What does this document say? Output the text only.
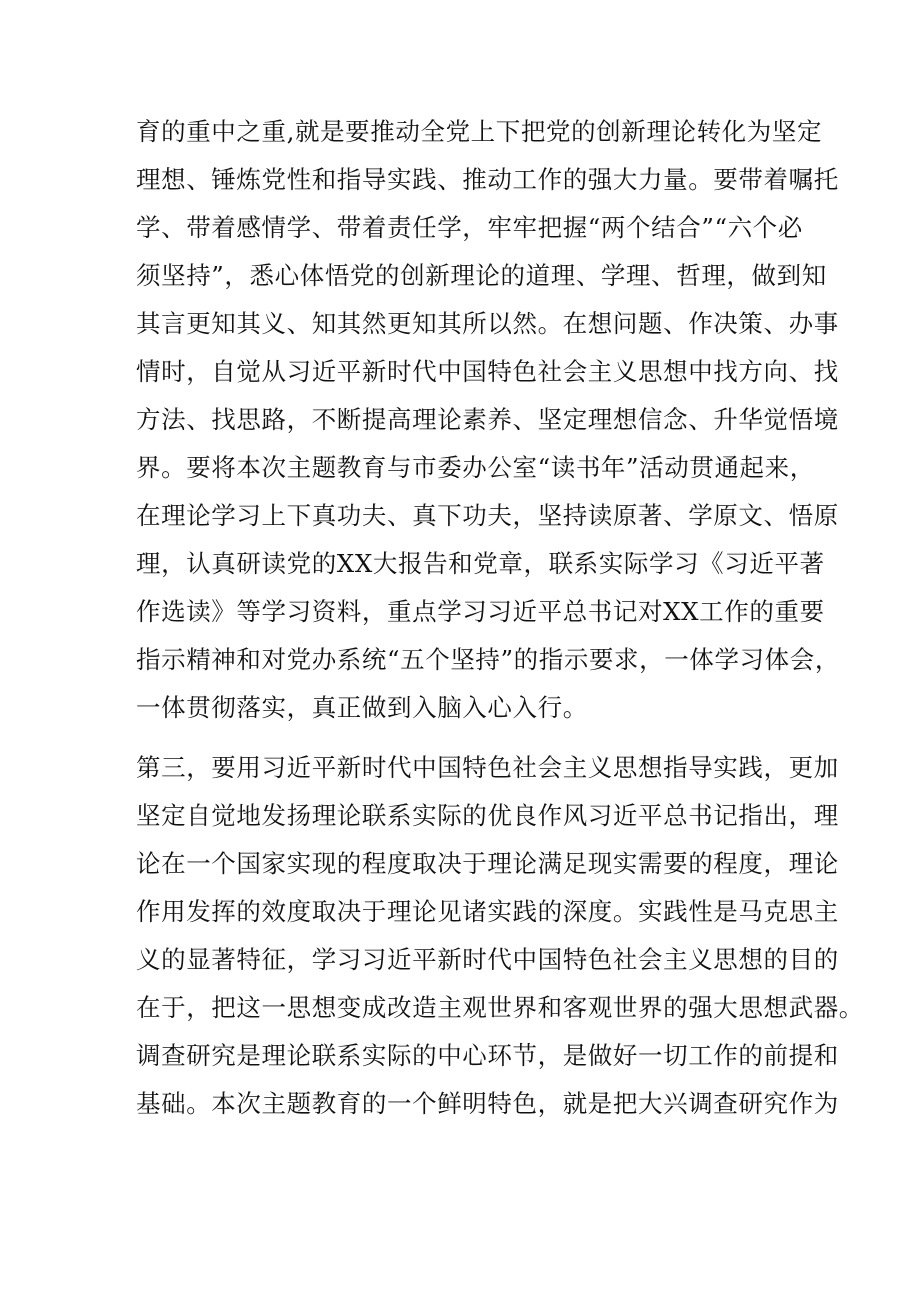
育的重中之重,就是要推动全党上下把党的创新理论转化为坚定
理想、锤炼党性和指导实践、推动工作的强大力量。要带着嘱托
学、带着感情学、带着责任学，牢牢把握“两个结合”“六个必
须坚持”，悉心体悟党的创新理论的道理、学理、哲理，做到知
其言更知其义、知其然更知其所以然。在想问题、作决策、办事
情时，自觉从习近平新时代中国特色社会主义思想中找方向、找
方法、找思路，不断提高理论素养、坚定理想信念、升华觉悟境
界。要将本次主题教育与市委办公室“读书年”活动贯通起来，
在理论学习上下真功夫、真下功夫，坚持读原著、学原文、悟原
理，认真研读党的XX大报告和党章，联系实际学习《习近平著
作选读》等学习资料，重点学习习近平总书记对XX工作的重要
指示精神和对党办系统“五个坚持”的指示要求，一体学习体会，
一体贯彻落实，真正做到入脑入心入行。
第三，要用习近平新时代中国特色社会主义思想指导实践，更加
坚定自觉地发扬理论联系实际的优良作风习近平总书记指出，理
论在一个国家实现的程度取决于理论满足现实需要的程度，理论
作用发挥的效度取决于理论见诸实践的深度。实践性是马克思主
义的显著特征，学习习近平新时代中国特色社会主义思想的目的
在于，把这一思想变成改造主观世界和客观世界的强大思想武器。
调查研究是理论联系实际的中心环节，是做好一切工作的前提和
基础。本次主题教育的一个鲜明特色，就是把大兴调查研究作为
